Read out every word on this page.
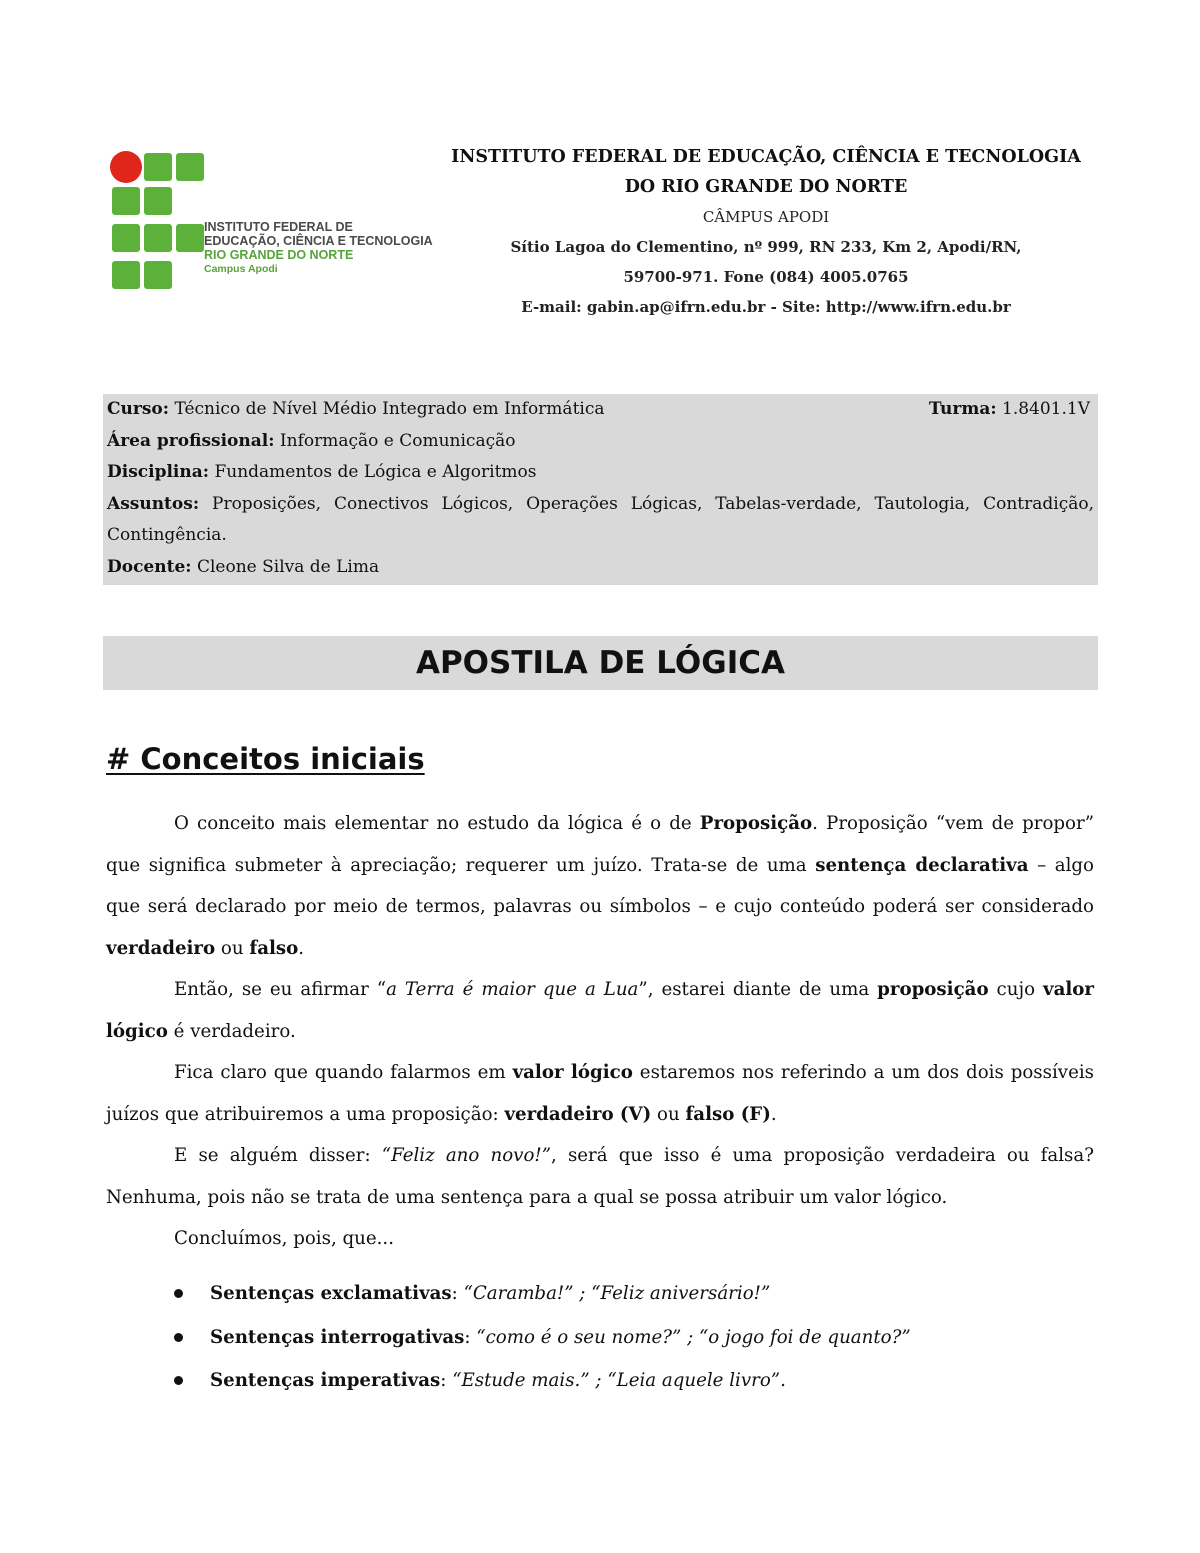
INSTITUTO FEDERAL DE
EDUCAÇÃO, CIÊNCIA E TECNOLOGIA
RIO GRANDE DO NORTE
Campus Apodi
INSTITUTO FEDERAL DE EDUCAÇÃO, CIÊNCIA E TECNOLOGIA
DO RIO GRANDE DO NORTE
CÂMPUS APODI
Sítio Lagoa do Clementino, nº 999, RN 233, Km 2, Apodi/RN,
59700-971. Fone (084) 4005.0765
E-mail: gabin.ap@ifrn.edu.br - Site: http://www.ifrn.edu.br
Curso: Técnico de Nível Médio Integrado em Informática	Turma: 1.8401.1V
Área profissional: Informação e Comunicação
Disciplina: Fundamentos de Lógica e Algoritmos
Assuntos: Proposições, Conectivos Lógicos, Operações Lógicas, Tabelas-verdade, Tautologia, Contradição, Contingência.
Docente: Cleone Silva de Lima
APOSTILA DE LÓGICA
# Conceitos iniciais

O conceito mais elementar no estudo da lógica é o de Proposição. Proposição “vem de propor” que significa submeter à apreciação; requerer um juízo. Trata-se de uma sentença declarativa – algo que será declarado por meio de termos, palavras ou símbolos – e cujo conteúdo poderá ser considerado verdadeiro ou falso.

Então, se eu afirmar “a Terra é maior que a Lua”, estarei diante de uma proposição cujo valor lógico é verdadeiro.

Fica claro que quando falarmos em valor lógico estaremos nos referindo a um dos dois possíveis juízos que atribuiremos a uma proposição: verdadeiro (V) ou falso (F).

E se alguém disser: “Feliz ano novo!”, será que isso é uma proposição verdadeira ou falsa? Nenhuma, pois não se trata de uma sentença para a qual se possa atribuir um valor lógico.

Concluímos, pois, que...

Sentenças exclamativas: “Caramba!” ; “Feliz aniversário!”
Sentenças interrogativas: “como é o seu nome?” ; “o jogo foi de quanto?”
Sentenças imperativas: “Estude mais.” ; “Leia aquele livro”.
